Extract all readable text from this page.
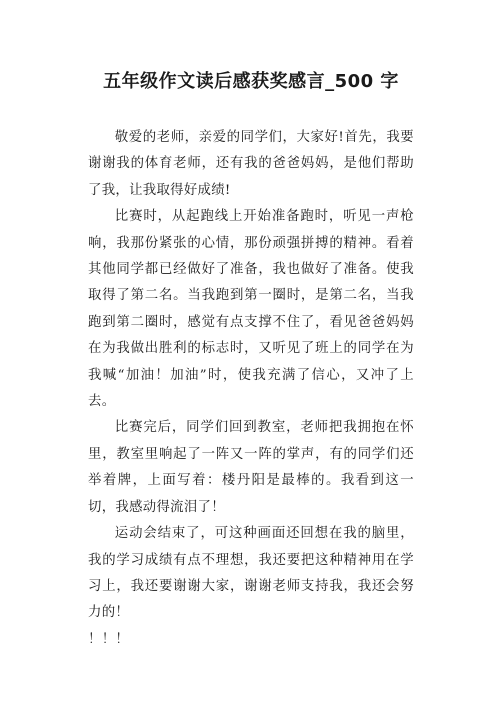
五年级作文读后感获奖感言_500 字

敬爱的老师，亲爱的同学们，大家好!首先，我要谢谢我的体育老师，还有我的爸爸妈妈，是他们帮助了我，让我取得好成绩!

比赛时，从起跑线上开始准备跑时，听见一声枪响，我那份紧张的心情，那份顽强拼搏的精神。看着其他同学都已经做好了准备，我也做好了准备。使我取得了第二名。当我跑到第一圈时，是第二名，当我跑到第二圈时，感觉有点支撑不住了，看见爸爸妈妈在为我做出胜利的标志时，又听见了班上的同学在为我喊“加油！加油”时，使我充满了信心，又冲了上去。

比赛完后，同学们回到教室，老师把我拥抱在怀里，教室里响起了一阵又一阵的掌声，有的同学们还举着牌，上面写着：楼丹阳是最棒的。我看到这一切，我感动得流泪了！

运动会结束了，可这种画面还回想在我的脑里，我的学习成绩有点不理想，我还要把这种精神用在学习上，我还要谢谢大家，谢谢老师支持我，我还会努力的！

！！！
